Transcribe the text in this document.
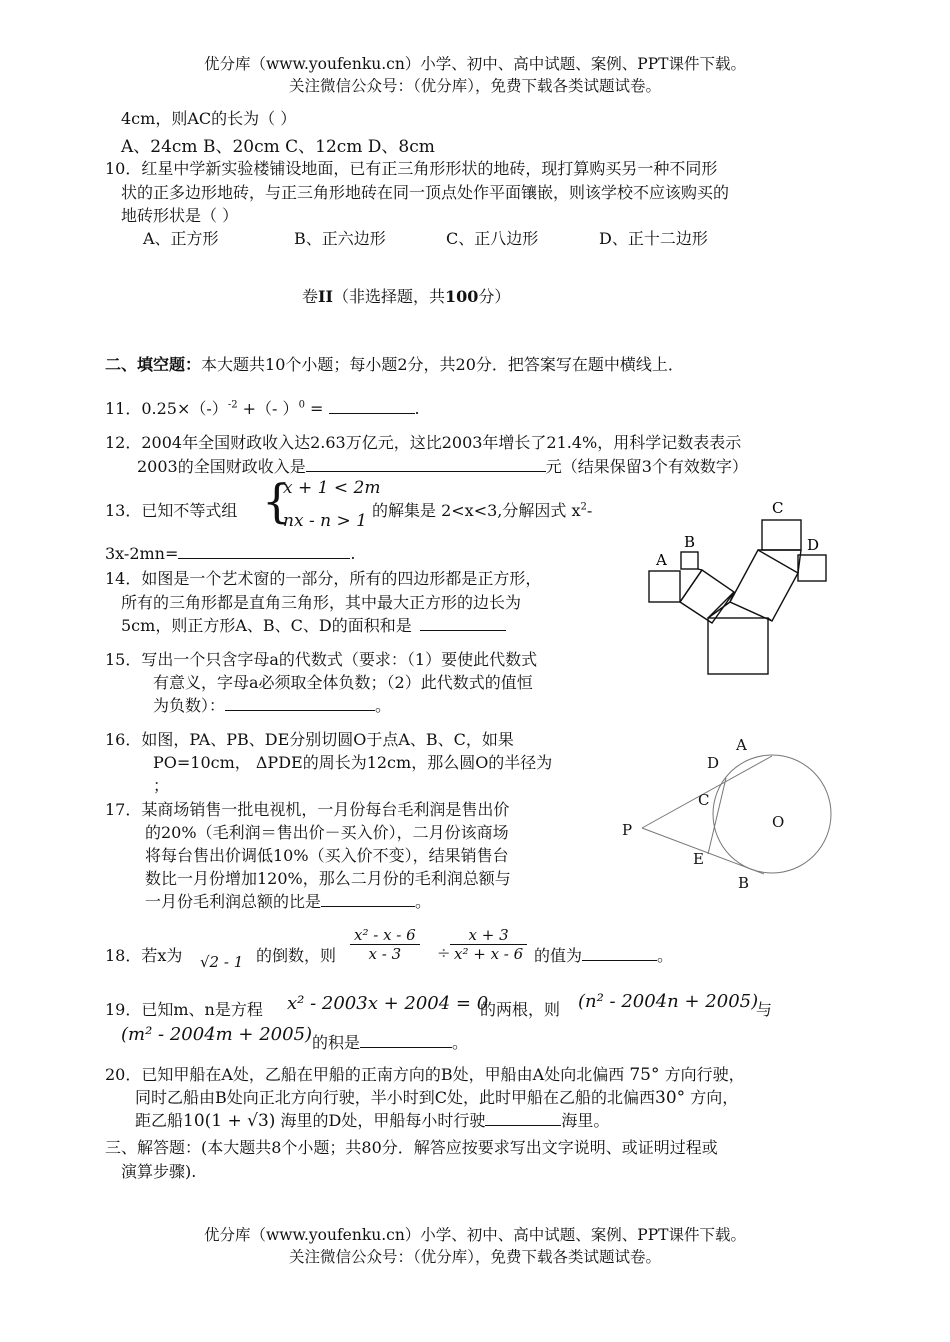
优分库（www.youfenku.cn）小学、初中、高中试题、案例、PPT课件下载。
关注微信公众号：（优分库），免费下载各类试题试卷。
4cm，则AC的长为（ ）
A、24cm B、20cm C、12cm D、8cm
10．红星中学新实验楼铺设地面，已有正三角形形状的地砖，现打算购买另一种不同形
状的正多边形地砖，与正三角形地砖在同一顶点处作平面镶嵌，则该学校不应该购买的
地砖形状是（ ）
A、正方形	B、正六边形	C、正八边形	D、正十二边形
卷II（非选择题，共100分）
二、填空题：本大题共10个小题；每小题2分，共20分．把答案写在题中横线上．
11．$0.25\times(-)^{-2}$ +（- ）$^0$ =	.
12．2004年全国财政收入达2.63万亿元，这比2003年增长了21.4%，用科学记数表表示
2003的全国财政收入是	元（结果保留3个有效数字）
13．已知不等式组 {
x + 1 < 2m
nx - n > 1
的解集是 2<x<3,分解因式 $x^2-$
3x-2mn=	.
14．如图是一个艺术窗的一部分，所有的四边形都是正方形，
所有的三角形都是直角三角形，其中最大正方形的边长为
5cm，则正方形A、B、C、D的面积和是
A
B
C
D
15．写出一个只含字母a的代数式（要求：（1）要使此代数式
有意义，字母a必须取全体负数；（2）此代数式的值恒
为负数）：	。
16．如图，PA、PB、DE分别切圆O于点A、B、C，如果
PO=10cm， ΔPDE的周长为12cm，那么圆O的半径为
；
P
A
B
C
D
E
O
17．某商场销售一批电视机，一月份每台毛利润是售出价
的20%（毛利润＝售出价－买入价），二月份该商场
将每台售出价调低10%（买入价不变），结果销售台
数比一月份增加120%，那么二月份的毛利润总额与
一月份毛利润总额的比是	。
18．若x为 √2 - 1 的倒数，则 $\frac{\text{x² - x - 6}}{x - 3} \div \frac{x + 3}{\text{x² + x - 6}}$ 的值为	。
19．已知m、n是方程 x² - 2003x + 2004 = 0
的两根，则 (n² - 2004n + 2005)
与
(m² - 2004m + 2005) 的积是	。
20．已知甲船在A处，乙船在甲船的正南方向的B处，甲船由A处向北偏西 75° 方向行驶，
同时乙船由B处向正北方向行驶，半小时到C处，此时甲船在乙船的北偏西30° 方向，
距乙船10(1 + √3) 海里的D处，甲船每小时行驶	海里。
三、解答题：(本大题共8个小题；共80分．解答应按要求写出文字说明、或证明过程或
演算步骤).
优分库（www.youfenku.cn）小学、初中、高中试题、案例、PPT课件下载。
关注微信公众号：（优分库），免费下载各类试题试卷。
